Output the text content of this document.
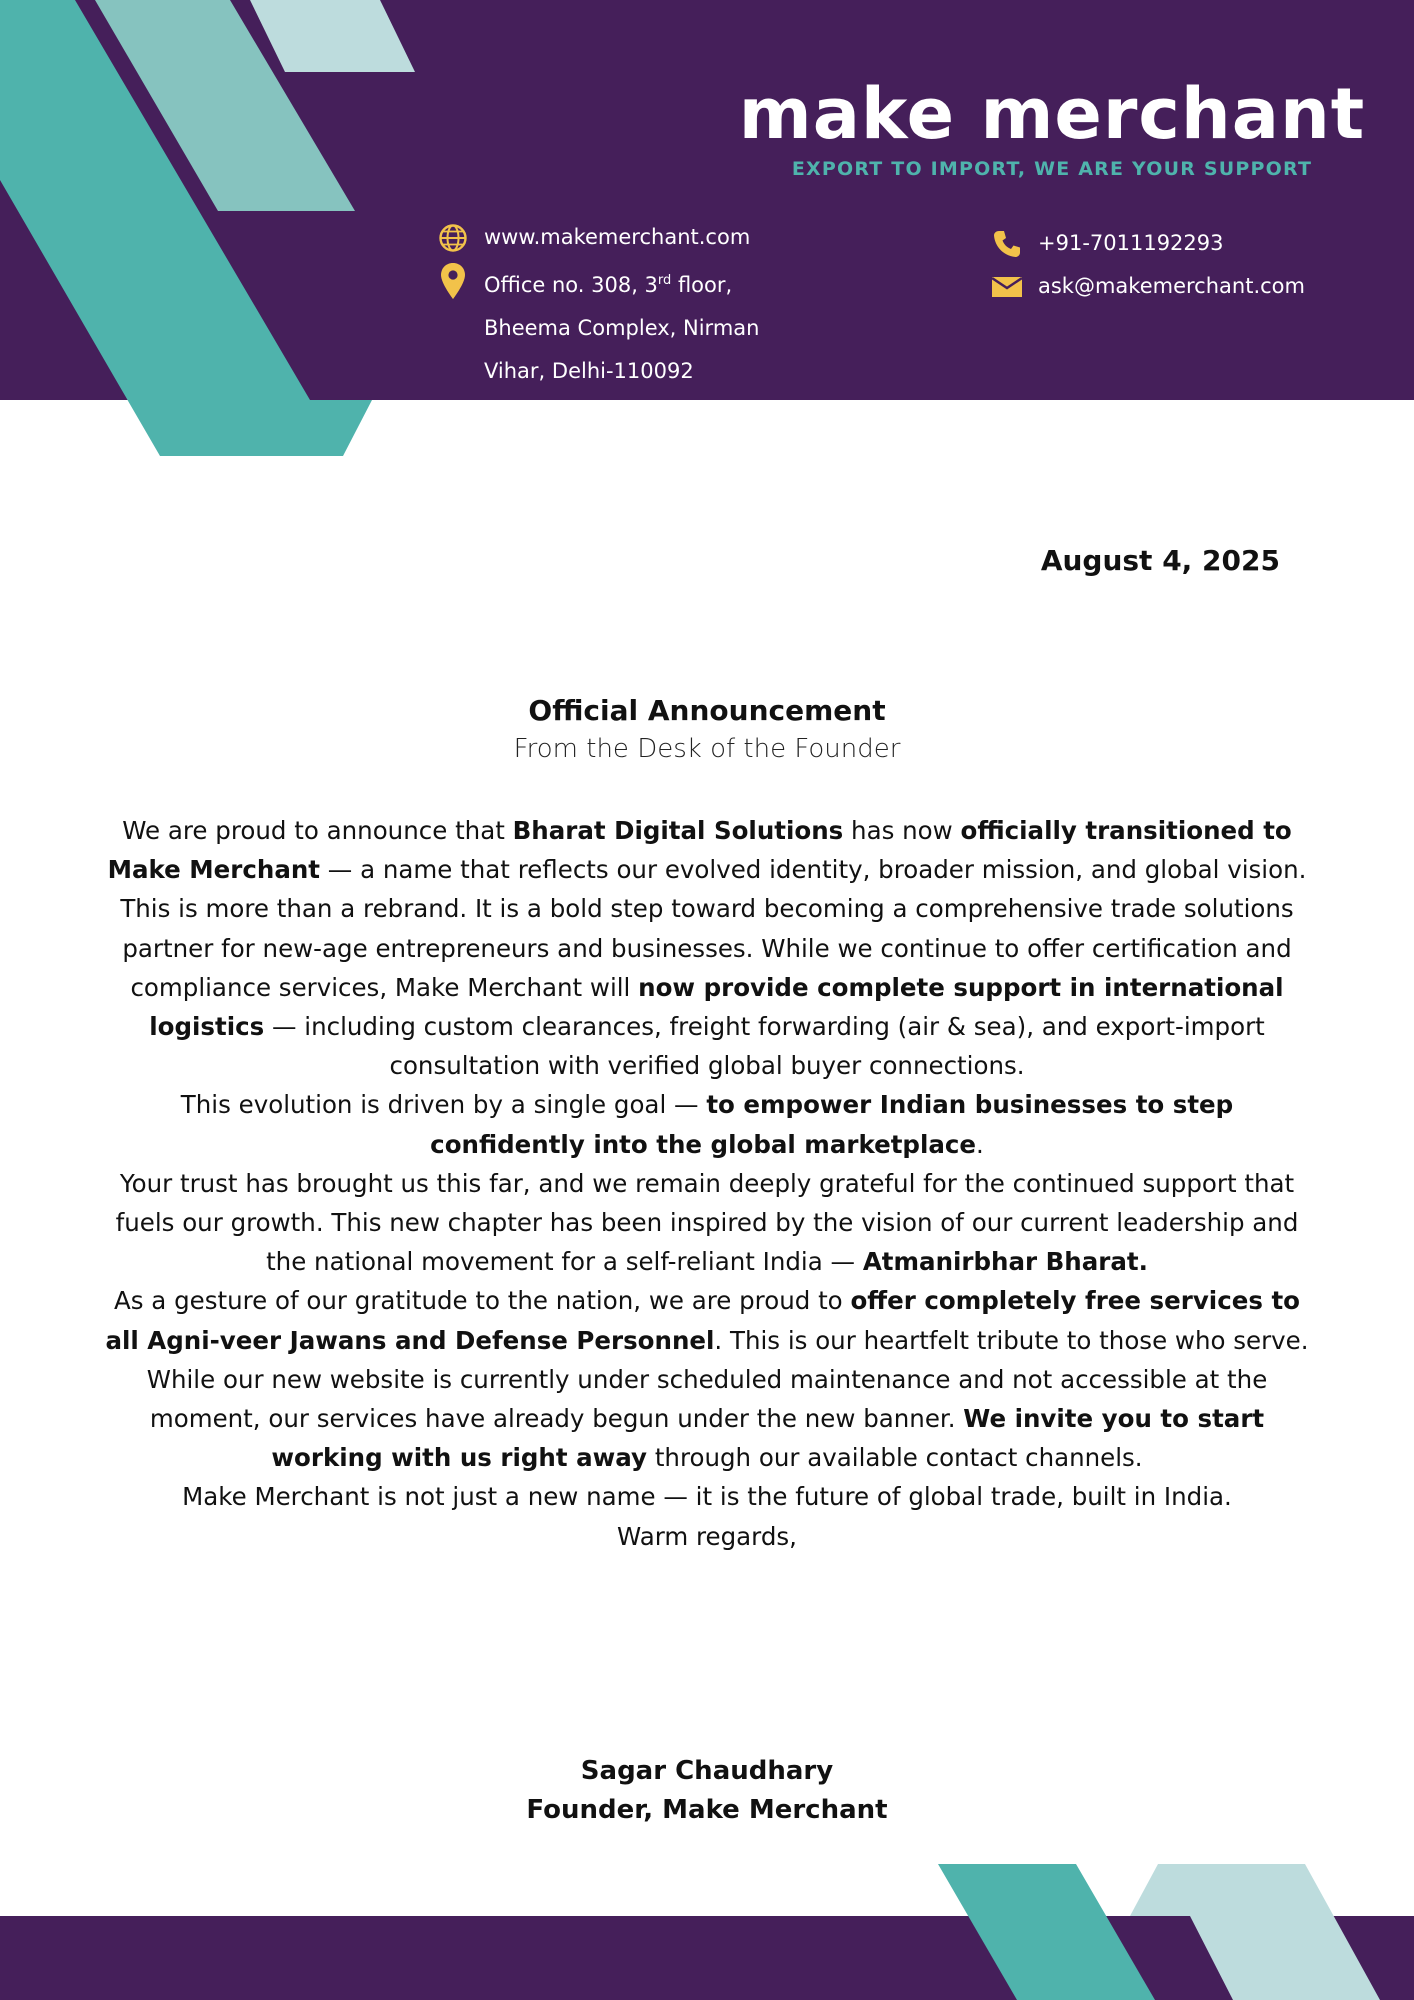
make merchant
EXPORT TO IMPORT, WE ARE YOUR SUPPORT
www.makemerchant.com
Office no. 308, 3rd floor,
Bheema Complex, Nirman
Vihar, Delhi-110092
+91-7011192293
ask@makemerchant.com
August 4, 2025
Official Announcement
From the Desk of the Founder

We are proud to announce that Bharat Digital Solutions has now officially transitioned to Make Merchant — a name that reflects our evolved identity, broader mission, and global vision.

This is more than a rebrand. It is a bold step toward becoming a comprehensive trade solutions partner for new-age entrepreneurs and businesses. While we continue to offer certification and compliance services, Make Merchant will now provide complete support in international logistics — including custom clearances, freight forwarding (air & sea), and export-import consultation with verified global buyer connections.

This evolution is driven by a single goal — to empower Indian businesses to step confidently into the global marketplace.

Your trust has brought us this far, and we remain deeply grateful for the continued support that fuels our growth. This new chapter has been inspired by the vision of our current leadership and the national movement for a self-reliant India — Atmanirbhar Bharat.

As a gesture of our gratitude to the nation, we are proud to offer completely free services to all Agni-veer Jawans and Defense Personnel. This is our heartfelt tribute to those who serve.

While our new website is currently under scheduled maintenance and not accessible at the moment, our services have already begun under the new banner. We invite you to start working with us right away through our available contact channels.

Make Merchant is not just a new name — it is the future of global trade, built in India.

Warm regards,

Sagar Chaudhary
Founder, Make Merchant
